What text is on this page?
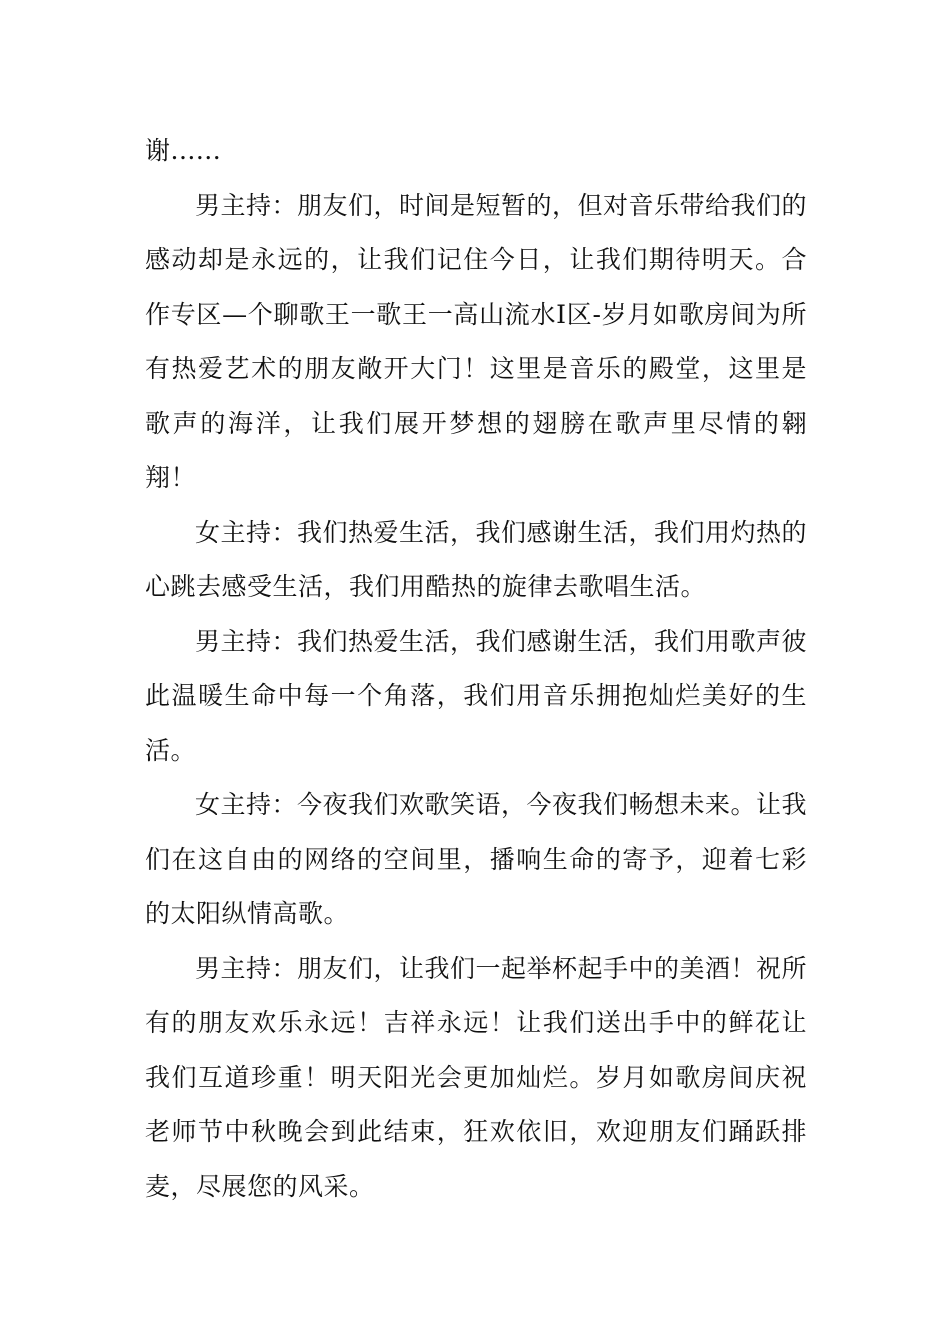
谢......

男主持：朋友们，时间是短暂的，但对音乐带给我们的感动却是永远的，让我们记住今日，让我们期待明天。合作专区—个聊歌王一歌王一高山流水Ⅰ区-岁月如歌房间为所有热爱艺术的朋友敞开大门！这里是音乐的殿堂，这里是歌声的海洋，让我们展开梦想的翅膀在歌声里尽情的翱翔！

女主持：我们热爱生活，我们感谢生活，我们用灼热的心跳去感受生活，我们用酷热的旋律去歌唱生活。

男主持：我们热爱生活，我们感谢生活，我们用歌声彼此温暖生命中每一个角落，我们用音乐拥抱灿烂美好的生活。

女主持：今夜我们欢歌笑语，今夜我们畅想未来。让我们在这自由的网络的空间里，播响生命的寄予，迎着七彩的太阳纵情高歌。

男主持：朋友们，让我们一起举杯起手中的美酒！祝所有的朋友欢乐永远！吉祥永远！让我们送出手中的鲜花让我们互道珍重！明天阳光会更加灿烂。岁月如歌房间庆祝老师节中秋晚会到此结束，狂欢依旧，欢迎朋友们踊跃排麦，尽展您的风采。
